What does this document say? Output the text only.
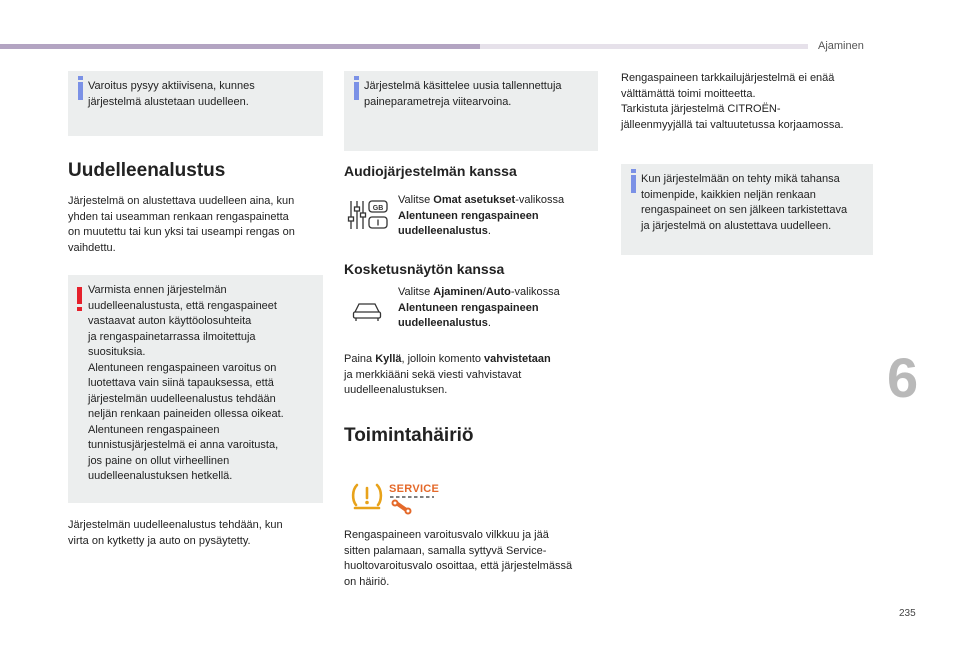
Ajaminen
6
235
Varoitus pysyy aktiivisena, kunnes
järjestelmä alustetaan uudelleen.
Uudelleenalustus
Järjestelmä on alustettava uudelleen aina, kun
yhden tai useamman renkaan rengaspainetta
on muutettu tai kun yksi tai useampi rengas on
vaihdettu.
Varmista ennen järjestelmän
uudelleenalustusta, että rengaspaineet
vastaavat auton käyttöolosuhteita
ja rengaspainetarrassa ilmoitettuja
suosituksia.
Alentuneen rengaspaineen varoitus on
luotettava vain siinä tapauksessa, että
järjestelmän uudelleenalustus tehdään
neljän renkaan paineiden ollessa oikeat.
Alentuneen rengaspaineen
tunnistusjärjestelmä ei anna varoitusta,
jos paine on ollut virheellinen
uudelleenalustuksen hetkellä.
Järjestelmän uudelleenalustus tehdään, kun
virta on kytketty ja auto on pysäytetty.
Järjestelmä käsittelee uusia tallennettuja
paineparametreja viitearvoina.
Audiojärjestelmän kanssa
GB
Valitse Omat asetukset-valikossa
Alentuneen rengaspaineen
uudelleenalustus.
Kosketusnäytön kanssa
Valitse Ajaminen/Auto-valikossa
Alentuneen rengaspaineen
uudelleenalustus.
Paina Kyllä, jolloin komento vahvistetaan
ja merkkiääni sekä viesti vahvistavat
uudelleenalustuksen.
Toimintahäiriö
SERVICE
Rengaspaineen varoitusvalo vilkkuu ja jää
sitten palamaan, samalla syttyvä Service-
huoltovaroitusvalo osoittaa, että järjestelmässä
on häiriö.
Rengaspaineen tarkkailujärjestelmä ei enää
välttämättä toimi moitteetta.
Tarkistuta järjestelmä CITROËN-
jälleenmyyjällä tai valtuutetussa korjaamossa.
Kun järjestelmään on tehty mikä tahansa
toimenpide, kaikkien neljän renkaan
rengaspaineet on sen jälkeen tarkistettava
ja järjestelmä on alustettava uudelleen.
